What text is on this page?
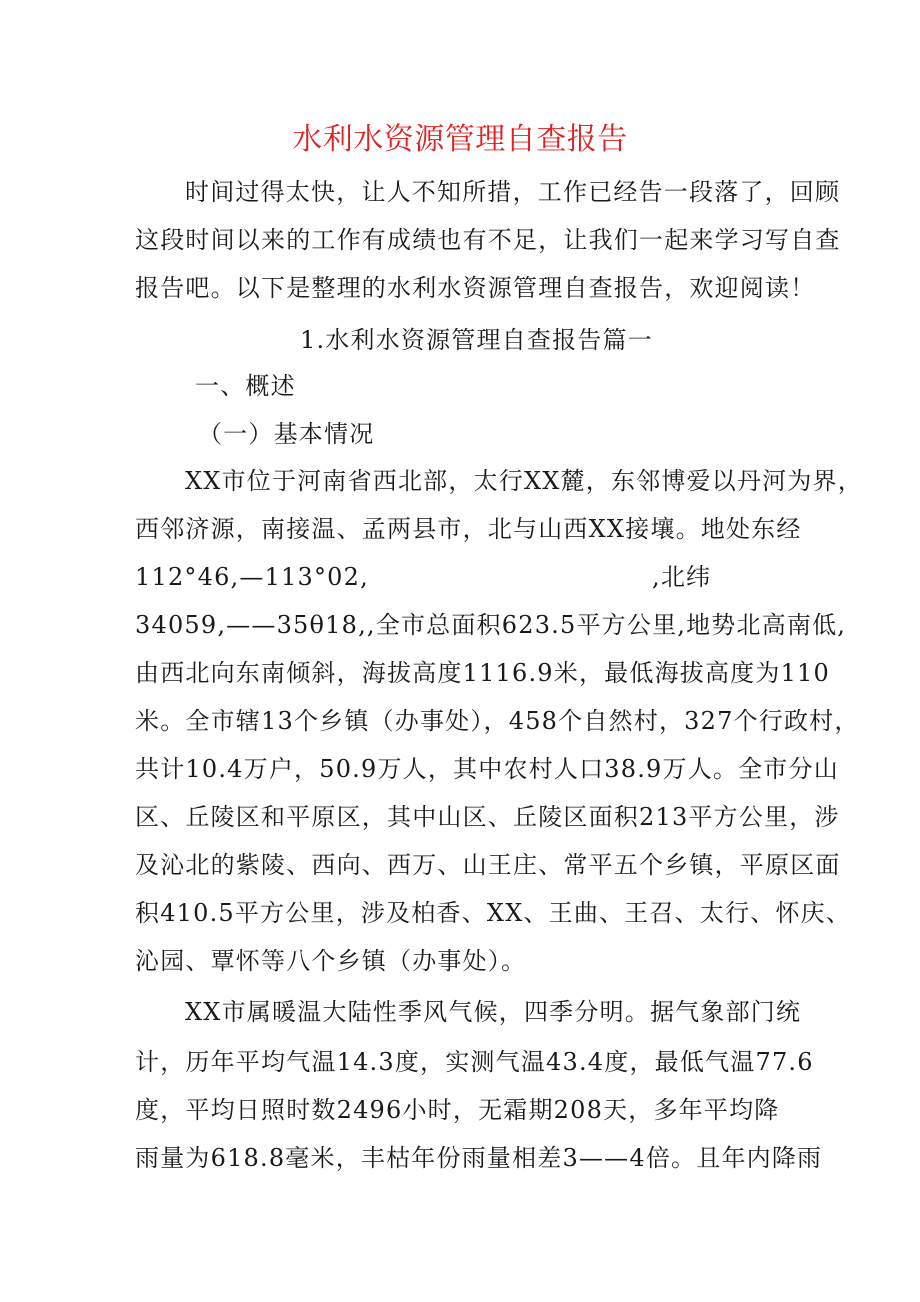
水利水资源管理自查报告
时间过得太快，让人不知所措，工作已经告一段落了，回顾
这段时间以来的工作有成绩也有不足，让我们一起来学习写自查
报告吧。以下是整理的水利水资源管理自查报告，欢迎阅读！
1.水利水资源管理自查报告篇一
一、概述
（一）基本情况
XX市位于河南省西北部，太行XX麓，东邻博爱以丹河为界，
西邻济源，南接温、孟两县市，北与山西XX接壤。地处东经
112°46,—113°02,	,北纬
34059,——35θ18,,全市总面积623.5平方公里,地势北高南低,
由西北向东南倾斜，海拔高度1116.9米，最低海拔高度为110
米。全市辖13个乡镇（办事处），458个自然村，327个行政村，
共计10.4万户，50.9万人，其中农村人口38.9万人。全市分山
区、丘陵区和平原区，其中山区、丘陵区面积213平方公里，涉
及沁北的紫陵、西向、西万、山王庄、常平五个乡镇，平原区面
积410.5平方公里，涉及柏香、XX、王曲、王召、太行、怀庆、
沁园、覃怀等八个乡镇（办事处）。
XX市属暖温大陆性季风气候，四季分明。据气象部门统
计，历年平均气温14.3度，实测气温43.4度，最低气温77.6
度，平均日照时数2496小时，无霜期208天，多年平均降
雨量为618.8毫米，丰枯年份雨量相差3——4倍。且年内降雨
